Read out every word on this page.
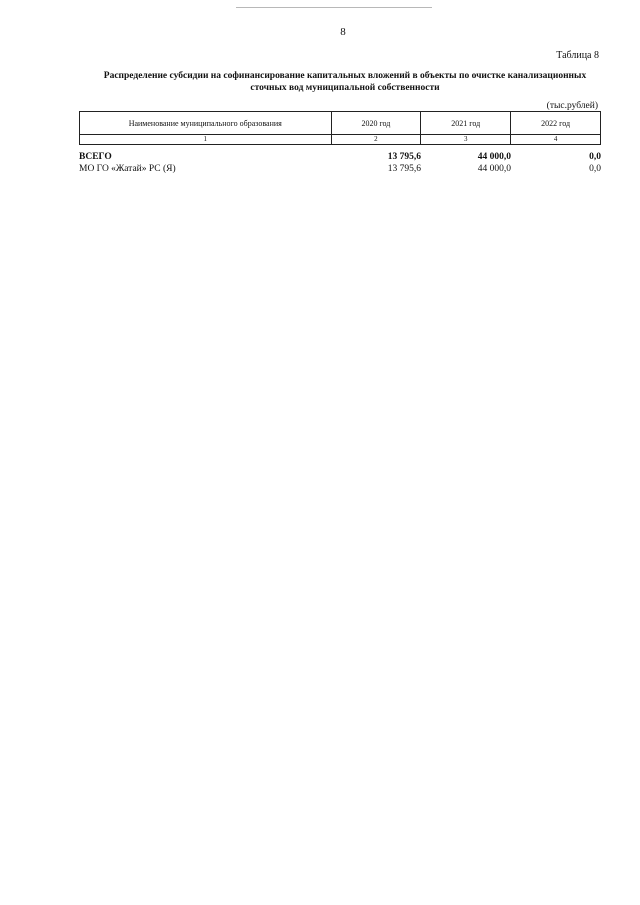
8
Таблица 8
Распределение субсидии на софинансирование капитальных вложений в объекты по очистке канализационных сточных вод муниципальной собственности
(тыс.рублей)
Наименование муниципального образования	2020 год	2021 год	2022 год
1	2	3	4
ВСЕГО	13 795,6	44 000,0	0,0
МО ГО «Жатай» РС (Я)	13 795,6	44 000,0	0,0
